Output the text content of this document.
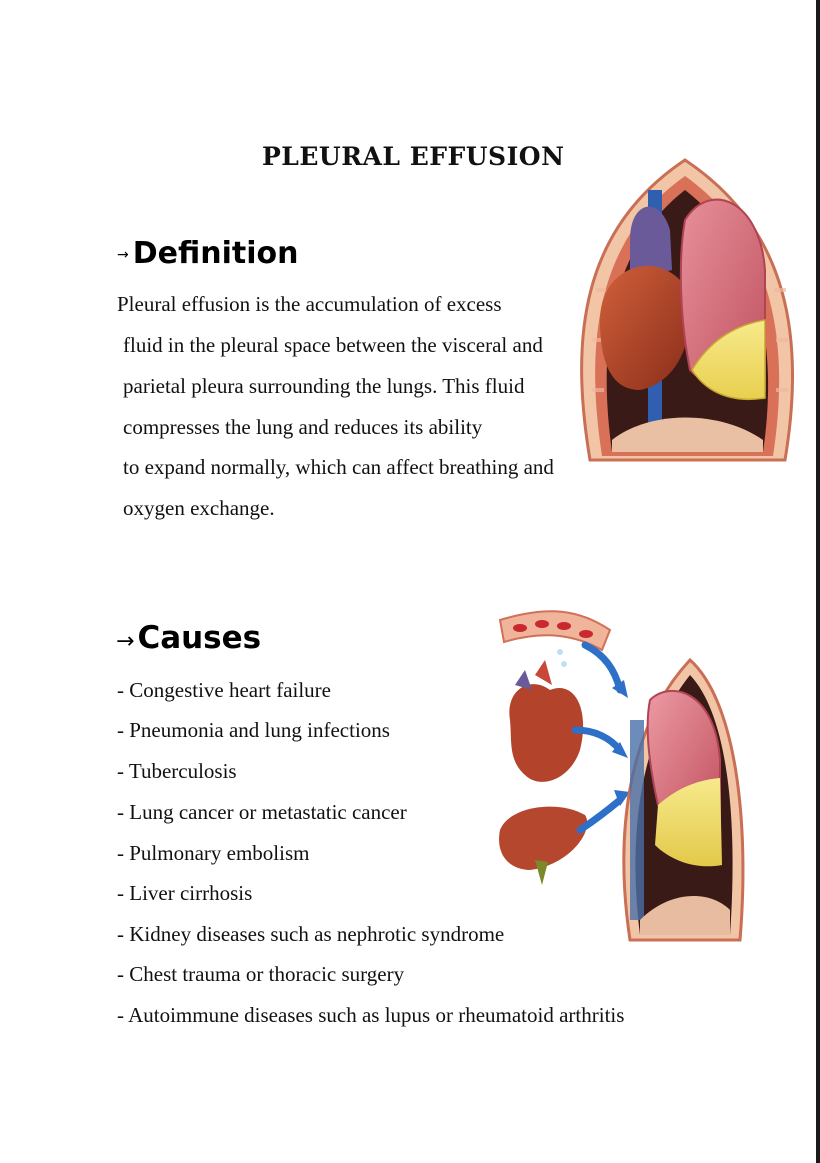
PLEURAL EFFUSION
→ Definition
Pleural effusion is the accumulation of excess
fluid in the pleural space between the visceral and
parietal pleura surrounding the lungs. This fluid
compresses the lung and reduces its ability
to expand normally, which can affect breathing and
oxygen exchange.
→Causes
- Congestive heart failure
- Pneumonia and lung infections
- Tuberculosis
- Lung cancer or metastatic cancer
- Pulmonary embolism
- Liver cirrhosis
- Kidney diseases such as nephrotic syndrome
- Chest trauma or thoracic surgery
- Autoimmune diseases such as lupus or rheumatoid arthritis
